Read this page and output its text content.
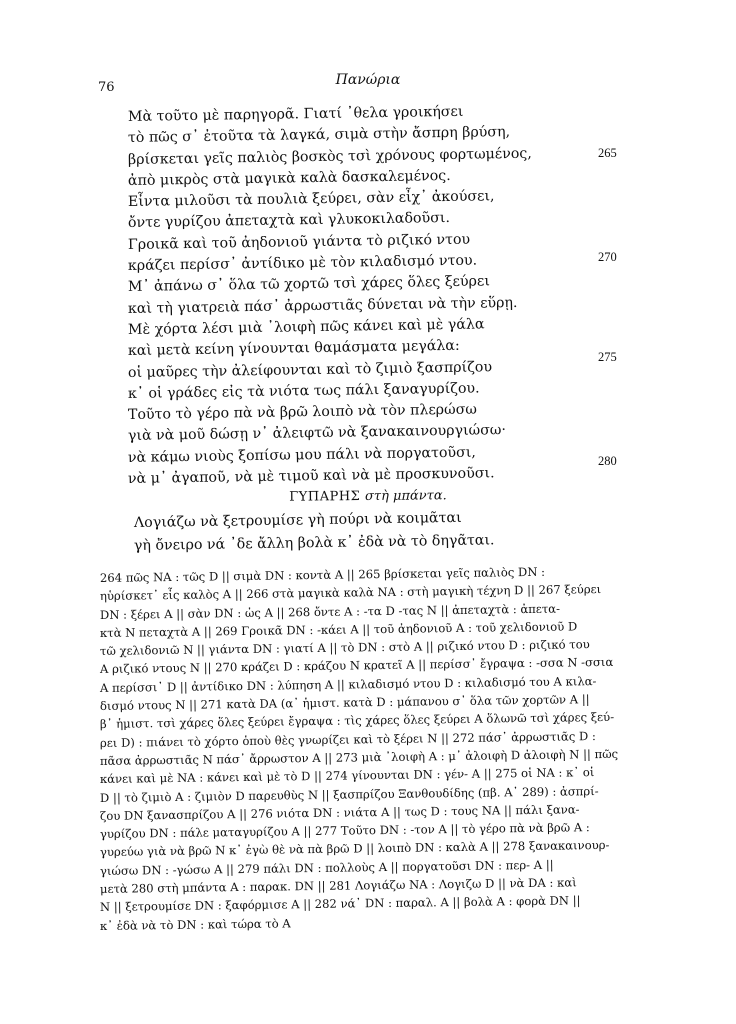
76	Πανώρια
Μὰ τοῦτο μὲ παρηγορᾶ. Γιατί ᾽θελα γροικήσει
τὸ πῶς σ᾽ ἐτοῦτα τὰ λαγκά, σιμὰ στὴν ἄσπρη βρύση,
βρίσκεται γεῖς παλιὸς βοσκὸς τσὶ χρόνους φορτωμένος,
ἀπὸ μικρὸς στὰ μαγικὰ καλὰ δασκαλεμένος.
Εἶντα μιλοῦσι τὰ πουλιὰ ξεύρει, σὰν εἶχ᾽ ἀκούσει,
ὄντε γυρίζου ἀπεταχτὰ καὶ γλυκοκιλαδοῦσι.
Γροικᾶ καὶ τοῦ ἀηδονιοῦ γιάντα τὸ ριζικό ντου
κράζει περίσσ᾽ ἀντίδικο μὲ τὸν κιλαδισμό ντου.
Μ᾽ ἀπάνω σ᾽ ὅλα τῶ χορτῶ τσὶ χάρες ὅλες ξεύρει
καὶ τὴ γιατρειὰ πάσ᾽ ἀρρωστιᾶς δύνεται νὰ τὴν εὕρῃ.
Μὲ χόρτα λέσι μιὰ ᾽λοιφὴ πῶς κάνει καὶ μὲ γάλα
καὶ μετὰ κείνη γίνουνται θαμάσματα μεγάλα:
οἱ μαῦρες τὴν ἀλείφουνται καὶ τὸ ζιμιὸ ξασπρίζου
κ᾽ οἱ γράδες εἰς τὰ νιότα τως πάλι ξαναγυρίζου.
Τοῦτο τὸ γέρο πὰ νὰ βρῶ λοιπὸ νὰ τὸν πλερώσω
γιὰ νὰ μοῦ δώσῃ ν᾽ ἀλειφτῶ νὰ ξανακαινουργιώσω·
νὰ κάμω νιοὺς ξοπίσω μου πάλι νὰ ποργατοῦσι,
νὰ μ᾽ ἀγαποῦ, νὰ μὲ τιμοῦ καὶ νὰ μὲ προσκυνοῦσι.
265
270
275
280
ΓΥΠΑΡΗΣ στὴ μπάντα.
Λογιάζω νὰ ξετρουμίσε γὴ πούρι νὰ κοιμᾶται
γὴ ὄνειρο νά ᾽δε ἄλλη βολὰ κ᾽ ἐδὰ νὰ τὸ δηγᾶται.
264 πῶς ΝΑ : τῶς D || σιμὰ DN : κοντὰ A || 265 βρίσκεται γεῖς παλιὸς DN :
ηὑρίσκετ᾽ εἷς καλὸς A || 266 στὰ μαγικὰ καλὰ ΝΑ : στὴ μαγικὴ τέχνη D || 267 ξεύρει
DN : ξέρει A || σὰν DN : ὡς A || 268 ὄντε A : -τα D -τας N || ἀπεταχτὰ : ἀπετα-
κτὰ N πεταχτὰ A || 269 Γροικᾶ DN : -κάει A || τοῦ ἀηδονιοῦ A : τοῦ χελιδονιοῦ D
τῶ χελιδονιῶ N || γιάντα DN : γιατί A || τὸ DN : στὸ A || ριζικό ντου D : ριζικό του
A ριζικό ντους N || 270 κράζει D : κράζου N κρατεῖ A || περίσσ᾽ ἔγραψα : -σσα N -σσια
A περίσσι᾽ D || ἀντίδικο DN : λύπηση A || κιλαδισμό ντου D : κιλαδισμό του A κιλα-
δισμό ντους N || 271 κατὰ DA (α᾽ ἡμιστ. κατὰ D : μάπανου σ᾽ ὅλα τῶν χορτῶν A ||
β᾽ ἡμιστ. τσὶ χάρες ὅλες ξεύρει ἔγραψα : τὶς χάρες ὅλες ξεύρει A ὅλωνῶ τσὶ χάρες ξεύ-
ρει D) : πιάνει τὸ χόρτο ὁποὺ θὲς γνωρίζει καὶ τὸ ξέρει N || 272 πάσ᾽ ἀρρωστιᾶς D :
πᾶσα ἀρρωστιᾶς N πάσ᾽ ἄρρωστον A || 273 μιὰ ᾽λοιφὴ A : μ᾽ ἀλοιφὴ D ἀλοιφὴ N || πῶς
κάνει καὶ μὲ ΝΑ : κάνει καὶ μὲ τὸ D || 274 γίνουνται DN : γέν- A || 275 οἱ ΝΑ : κ᾽ οἱ
D || τὸ ζιμιὸ A : ζιμιὸν D παρευθὺς N || ξασπρίζου Ξανθουδίδης (πβ. A᾽ 289) : ἀσπρί-
ζου DN ξανασπρίζου A || 276 νιότα DN : νιάτα A || τως D : τους NA || πάλι ξανα-
γυρίζου DN : πάλε ματαγυρίζου A || 277 Τοῦτο DN : -τον A || τὸ γέρο πὰ νὰ βρῶ A :
γυρεύω γιὰ νὰ βρῶ N κ᾽ ἐγὼ θὲ νὰ πὰ βρῶ D || λοιπὸ DN : καλὰ A || 278 ξανακαινουρ-
γιώσω DN : -γώσω A || 279 πάλι DN : πολλοὺς A || ποργατοῦσι DN : περ- A ||
μετὰ 280 στὴ μπάντα A : παρακ. DN || 281 Λογιάζω ΝΑ : Λογιζω D || νὰ DA : καὶ
N || ξετρουμίσε DN : ξαφόρμισε A || 282 νά᾽ DN : παραλ. A || βολὰ A : φορὰ DN ||
κ᾽ ἐδὰ νὰ τὸ DN : καὶ τώρα τὸ A
